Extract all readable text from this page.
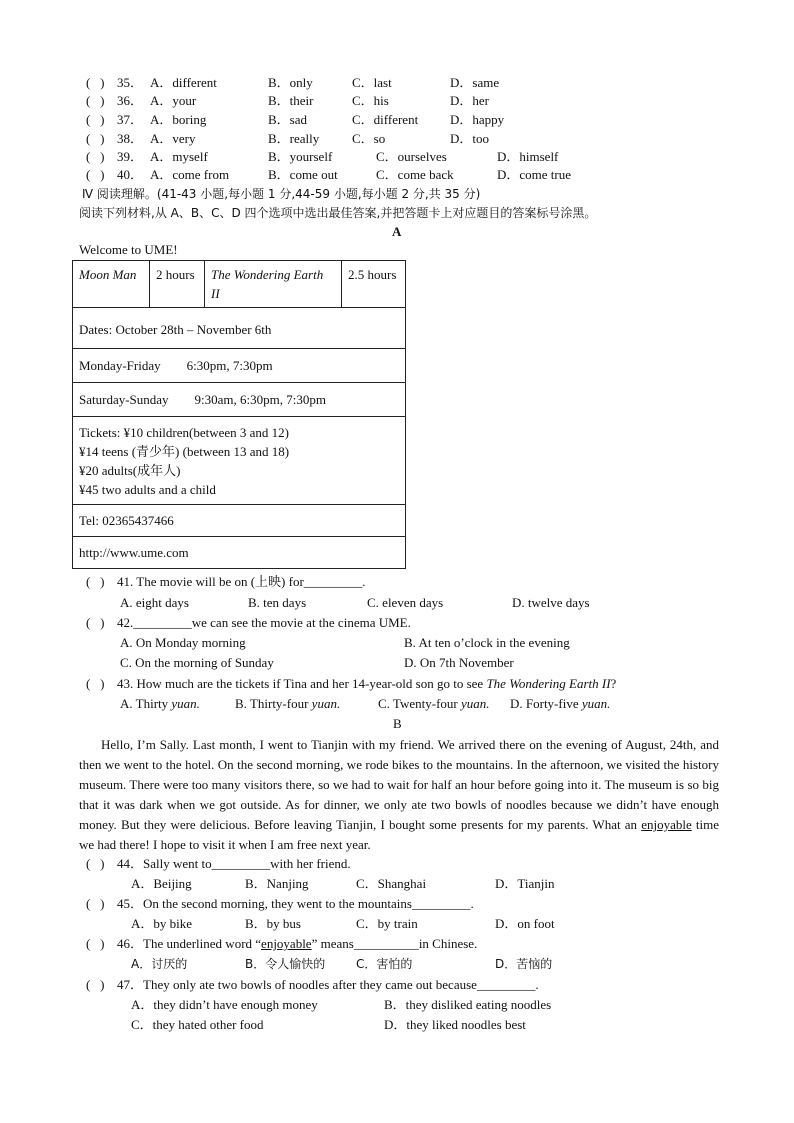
(   ) 35． A．different	B．only	C．last	D．same
(   ) 36． A．your	B．their	C．his	D．her
(   ) 37． A．boring	B．sad	C．different D．happy
(   ) 38． A．very	B．really	C．so	D．too
(   ) 39． A．myself	B．yourself	C．ourselves	D．himself
(   ) 40． A．come from	B．come out	C．come back	D．come true
Ⅳ 阅读理解。(41-43 小题,每小题 1 分,44-59 小题,每小题 2 分,共 35 分)
阅读下列材料,从 A、B、C、D 四个选项中选出最佳答案,并把答题卡上对应题目的答案标号涂黑。
A
Welcome to UME!
Moon Man	2 hours	The Wondering Earth II	2.5 hours
Dates: October 28th – November 6th
Monday-Friday 6:30pm, 7:30pm
Saturday-Sunday 9:30am, 6:30pm, 7:30pm

Tickets: ¥10 children(between 3 and 12)
¥14 teens (青少年) (between 13 and 18)
¥20 adults(成年人)
¥45 two adults and a child

Tel: 02365437466
http://www.ume.com
(   ) 41. The movie will be on (上映) for_________.
A. eight days	B. ten days	C. eleven days	D. twelve days
(   ) 42._________we can see the movie at the cinema UME.
A. On Monday morning	B. At ten o’clock in the evening
C. On the morning of Sunday	D. On 7th November
(   ) 43. How much are the tickets if Tina and her 14-year-old son go to see The Wondering Earth II?
A. Thirty yuan.	B. Thirty-four yuan.	C. Twenty-four yuan. D. Forty-five yuan.
B
Hello, I’m Sally. Last month, I went to Tianjin with my friend. We arrived there on the evening of August, 24th, and then we went to the hotel. On the second morning, we rode bikes to the mountains. In the afternoon, we visited the history museum. There were too many visitors there, so we had to wait for half an hour before going into it. The museum is so big that it was dark when we got outside. As for dinner, we only ate two bowls of noodles because we didn’t have enough money. But they were delicious. Before leaving Tianjin, I bought some presents for my parents. What an enjoyable time we had there! I hope to visit it when I am free next year.
(   ) 44．Sally went to_________with her friend.
A．Beijing	B．Nanjing	C．Shanghai	D．Tianjin
(   ) 45．On the second morning, they went to the mountains_________.
A．by bike	B．by bus	C．by train	D．on foot
(   ) 46．The underlined word “enjoyable” means__________in Chinese.
A．讨厌的	B．令人愉快的	C．害怕的	D．苦恼的
(   ) 47．They only ate two bowls of noodles after they came out because_________.
A．they didn’t have enough money	B．they disliked eating noodles
C．they hated other food	D．they liked noodles best
